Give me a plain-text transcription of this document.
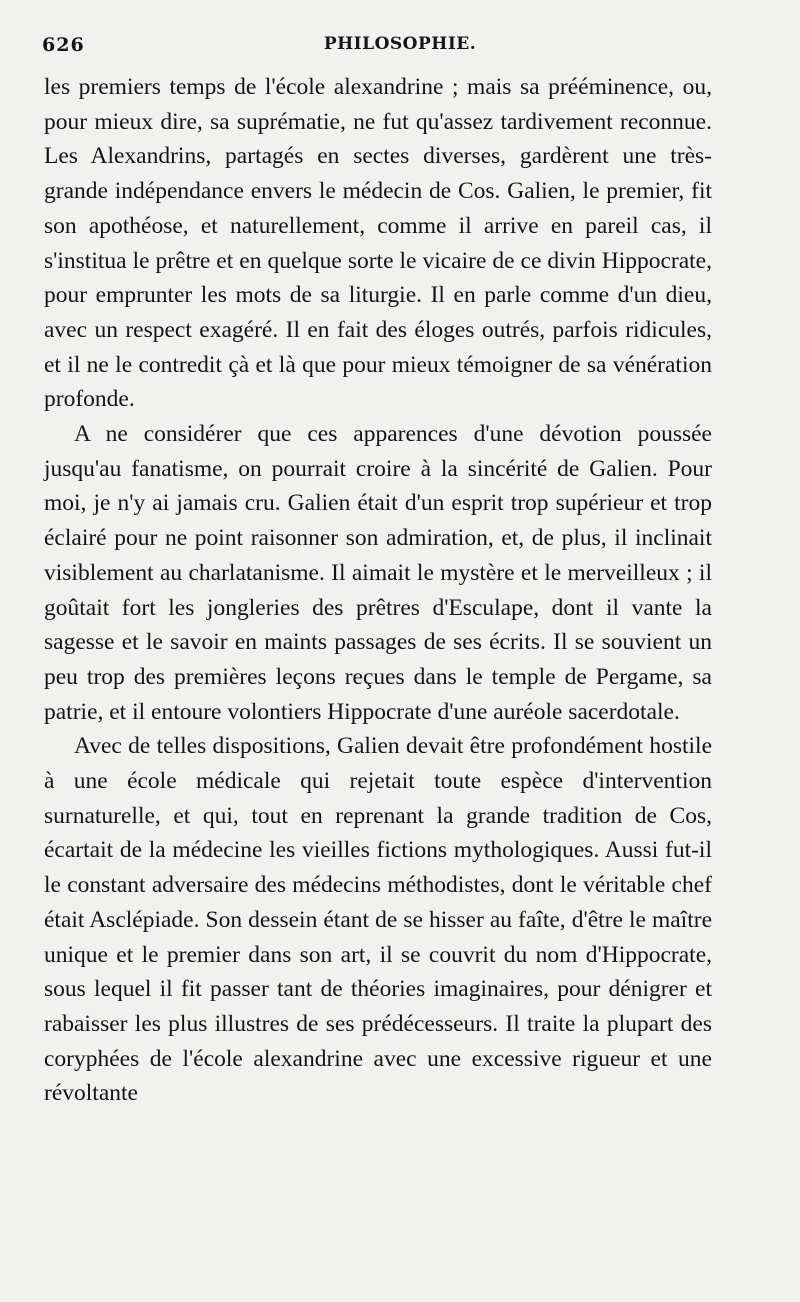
626	PHILOSOPHIE.

les premiers temps de l'école alexandrine ; mais sa prééminence, ou, pour mieux dire, sa suprématie, ne fut qu'assez tardivement reconnue. Les Alexandrins, partagés en sectes diverses, gardèrent une très-grande indépendance envers le médecin de Cos. Galien, le premier, fit son apothéose, et naturellement, comme il arrive en pareil cas, il s'institua le prêtre et en quelque sorte le vicaire de ce divin Hippocrate, pour emprunter les mots de sa liturgie. Il en parle comme d'un dieu, avec un respect exagéré. Il en fait des éloges outrés, parfois ridicules, et il ne le contredit çà et là que pour mieux témoigner de sa vénération profonde.

A ne considérer que ces apparences d'une dévotion poussée jusqu'au fanatisme, on pourrait croire à la sincérité de Galien. Pour moi, je n'y ai jamais cru. Galien était d'un esprit trop supérieur et trop éclairé pour ne point raisonner son admiration, et, de plus, il inclinait visiblement au charlatanisme. Il aimait le mystère et le merveilleux ; il goûtait fort les jongleries des prêtres d'Esculape, dont il vante la sagesse et le savoir en maints passages de ses écrits. Il se souvient un peu trop des premières leçons reçues dans le temple de Pergame, sa patrie, et il entoure volontiers Hippocrate d'une auréole sacerdotale.

Avec de telles dispositions, Galien devait être profondément hostile à une école médicale qui rejetait toute espèce d'intervention surnaturelle, et qui, tout en reprenant la grande tradition de Cos, écartait de la médecine les vieilles fictions mythologiques. Aussi fut-il le constant adversaire des médecins méthodistes, dont le véritable chef était Asclépiade. Son dessein étant de se hisser au faîte, d'être le maître unique et le premier dans son art, il se couvrit du nom d'Hippocrate, sous lequel il fit passer tant de théories imaginaires, pour dénigrer et rabaisser les plus illustres de ses prédécesseurs. Il traite la plupart des coryphées de l'école alexandrine avec une excessive rigueur et une révoltante
